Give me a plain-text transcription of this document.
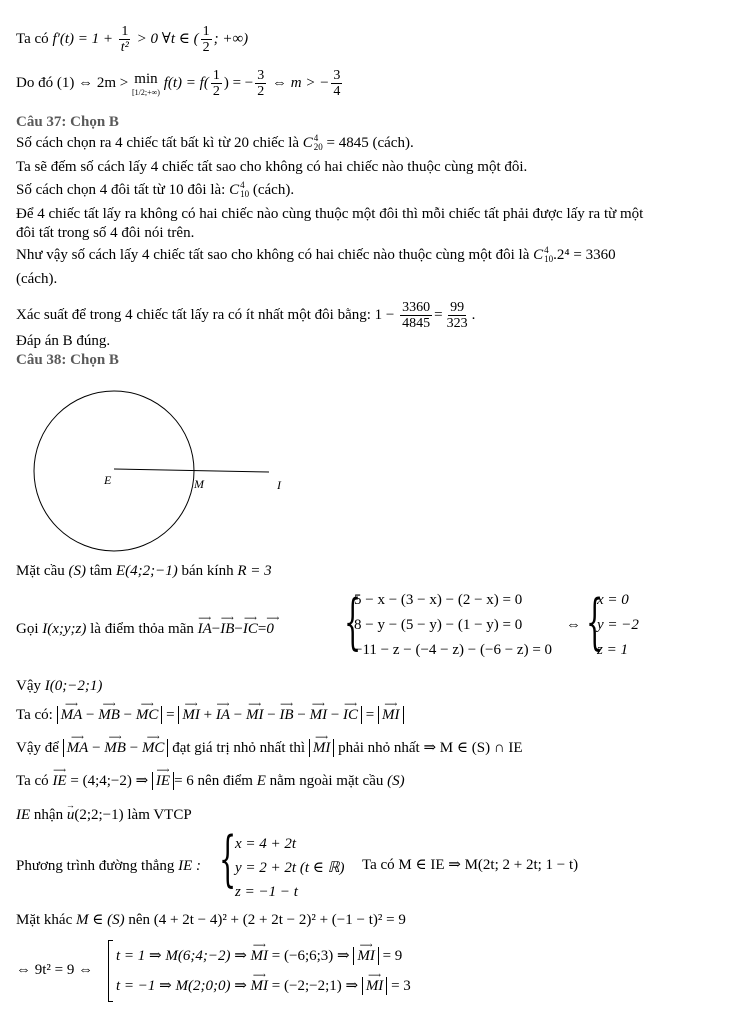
Ta có $f'(t) = 1 + \frac{1}{\text{t²}} > 0$ ∀t ∈ ( $\frac{1}{2}$ ; +∞)
Do đó (1) ⇔ 2m > min
[1/2;+∞)
$f(t) = f( \frac{1}{2}$ ) = − $\frac{3}{2}$ ⇔ m > − $\frac{3}{4}$
Câu 37: Chọn B
Số cách chọn ra 4 chiếc tất bất kì từ 20 chiếc là C 4
20 = 4845 (cách).
Ta sẽ đếm số cách lấy 4 chiếc tất sao cho không có hai chiếc nào thuộc cùng một đôi.
Số cách chọn 4 đôi tất từ 10 đôi là: C 4
10 (cách).
Để 4 chiếc tất lấy ra không có hai chiếc nào cùng thuộc một đôi thì mỗi chiếc tất phải được lấy ra từ một
đôi tất trong số 4 đôi nói trên.
Như vậy số cách lấy 4 chiếc tất sao cho không có hai chiếc nào thuộc cùng một đôi là C 4
10 .2⁴ = 3360
(cách).
Xác suất để trong 4 chiếc tất lấy ra có ít nhất một đôi bằng: $1 - \frac{3360}{4845} = \frac{99}{323}$ .
Đáp án B đúng.
Câu 38: Chọn B
E	M	I
Mặt cầu (S) tâm E(4;2;−1) bán kính R = 3
Gọi I(x;y;z) là điểm thỏa mãn ⟶ IA−⟶ IB−⟶ IC=⟶ 0 {
5 − x − (3 − x) − (2 − x) = 0
8 − y − (5 − y) − (1 − y) = 0
−11 − z − (−4 − z) − (−6 − z) = 0
⇔ {
x = 0
y = −2
z = 1
Vậy I(0;−2;1)
Ta có: ⟶ MA − ⟶ MB − ⟶ MC = ⟶ MI + ⟶ IA − ⟶ MI − ⟶ IB − ⟶ MI − ⟶ IC = ⟶ MI
Vậy để ⟶ MA − ⟶ MB − ⟶ MC đạt giá trị nhỏ nhất thì ⟶ MI phải nhỏ nhất ⇒ M ∈ (S) ∩ IE
Ta có ⟶ IE = (4;4;−2) ⇒ ⟶ IE = 6 nên điểm E nằm ngoài mặt cầu (S)
IE nhận → u(2;2;−1) làm VTCP
Phương trình đường thẳng IE : {
x = 4 + 2t
y = 2 + 2t (t ∈ ℝ)
z = −1 − t
Ta có M ∈ IE ⇒ M(2t; 2 + 2t; 1 − t)
Mặt khác M ∈ (S) nên (4 + 2t − 4)² + (2 + 2t − 2)² + (−1 − t)² = 9
⇔ 9t² = 9 ⇔
t = 1 ⇒ M(6;4;−2) ⇒ ⟶ MI = (−6;6;3) ⇒ ⟶ MI = 9
t = −1 ⇒ M(2;0;0) ⇒ ⟶ MI = (−2;−2;1) ⇒ ⟶ MI = 3
